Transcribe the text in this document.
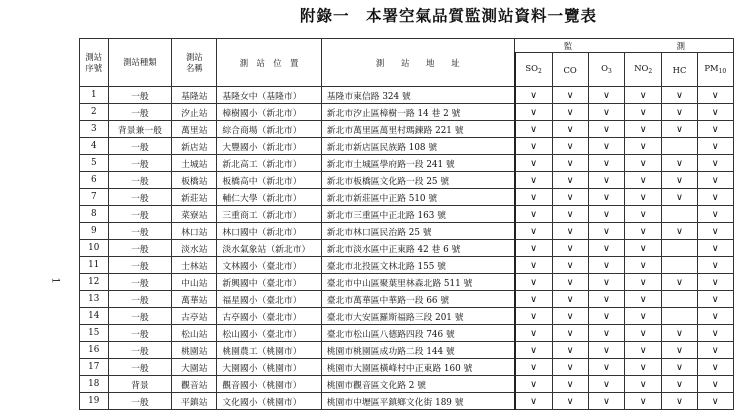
附錄一　本署空氣品質監測站資料一覽表
1
測站序號	測站種類	測站名稱	測　站　位　置	測　　站　　地　　址	監　測					
					$SO_2$	CO	$O_3$	$NO_2$	HC	$PM_{10}$
1	一般	基隆站	基隆女中（基隆市）	基隆市東信路 324 號	∨	∨	∨	∨	∨	∨
2	一般	汐止站	樟樹國小（新北市）	新北市汐止區樟樹一路 14 巷 2 號	∨	∨	∨	∨	∨	∨
3	背景兼一般	萬里站	綜合商場（新北市）	新北市萬里區萬里村瑪鍊路 221 號	∨	∨	∨	∨	∨	∨
4	一般	新店站	大豐國小（新北市）	新北市新店區民族路 108 號	∨	∨	∨	∨		∨
5	一般	土城站	新北高工（新北市）	新北市土城區學府路一段 241 號	∨	∨	∨	∨	∨	∨
6	一般	板橋站	板橋高中（新北市）	新北市板橋區文化路一段 25 號	∨	∨	∨	∨	∨	∨
7	一般	新莊站	輔仁大學（新北市）	新北市新莊區中正路 510 號	∨	∨	∨	∨	∨	∨
8	一般	菜寮站	三重商工（新北市）	新北市三重區中正北路 163 號	∨	∨	∨	∨		∨
9	一般	林口站	林口國中（新北市）	新北市林口區民治路 25 號	∨	∨	∨	∨	∨	∨
10	一般	淡水站	淡水氣象站（新北市）	新北市淡水區中正東路 42 巷 6 號	∨	∨	∨	∨		∨
11	一般	士林站	文林國小（臺北市）	臺北市北投區文林北路 155 號	∨	∨	∨	∨		∨
12	一般	中山站	新興國中（臺北市）	臺北市中山區聚葉里林森北路 511 號	∨	∨	∨	∨	∨	∨
13	一般	萬華站	福星國小（臺北市）	臺北市萬華區中華路一段 66 號	∨	∨	∨	∨		∨
14	一般	古亭站	古亭國小（臺北市）	臺北市大安區羅斯福路三段 201 號	∨	∨	∨	∨		∨
15	一般	松山站	松山國小（臺北市）	臺北市松山區八德路四段 746 號	∨	∨	∨	∨	∨	∨
16	一般	桃園站	桃園農工（桃園市）	桃園市桃園區成功路二段 144 號	∨	∨	∨	∨	∨	∨
17	一般	大園站	大園國小（桃園市）	桃園市大園區橫峰村中正東路 160 號	∨	∨	∨	∨	∨	∨
18	背景	觀音站	觀音國小（桃園市）	桃園市觀音區文化路 2 號	∨	∨	∨	∨	∨	∨
19	一般	平鎮站	文化國小（桃園市）	桃園市中壢區平鎮鄉文化街 189 號	∨	∨	∨	∨	∨	∨
